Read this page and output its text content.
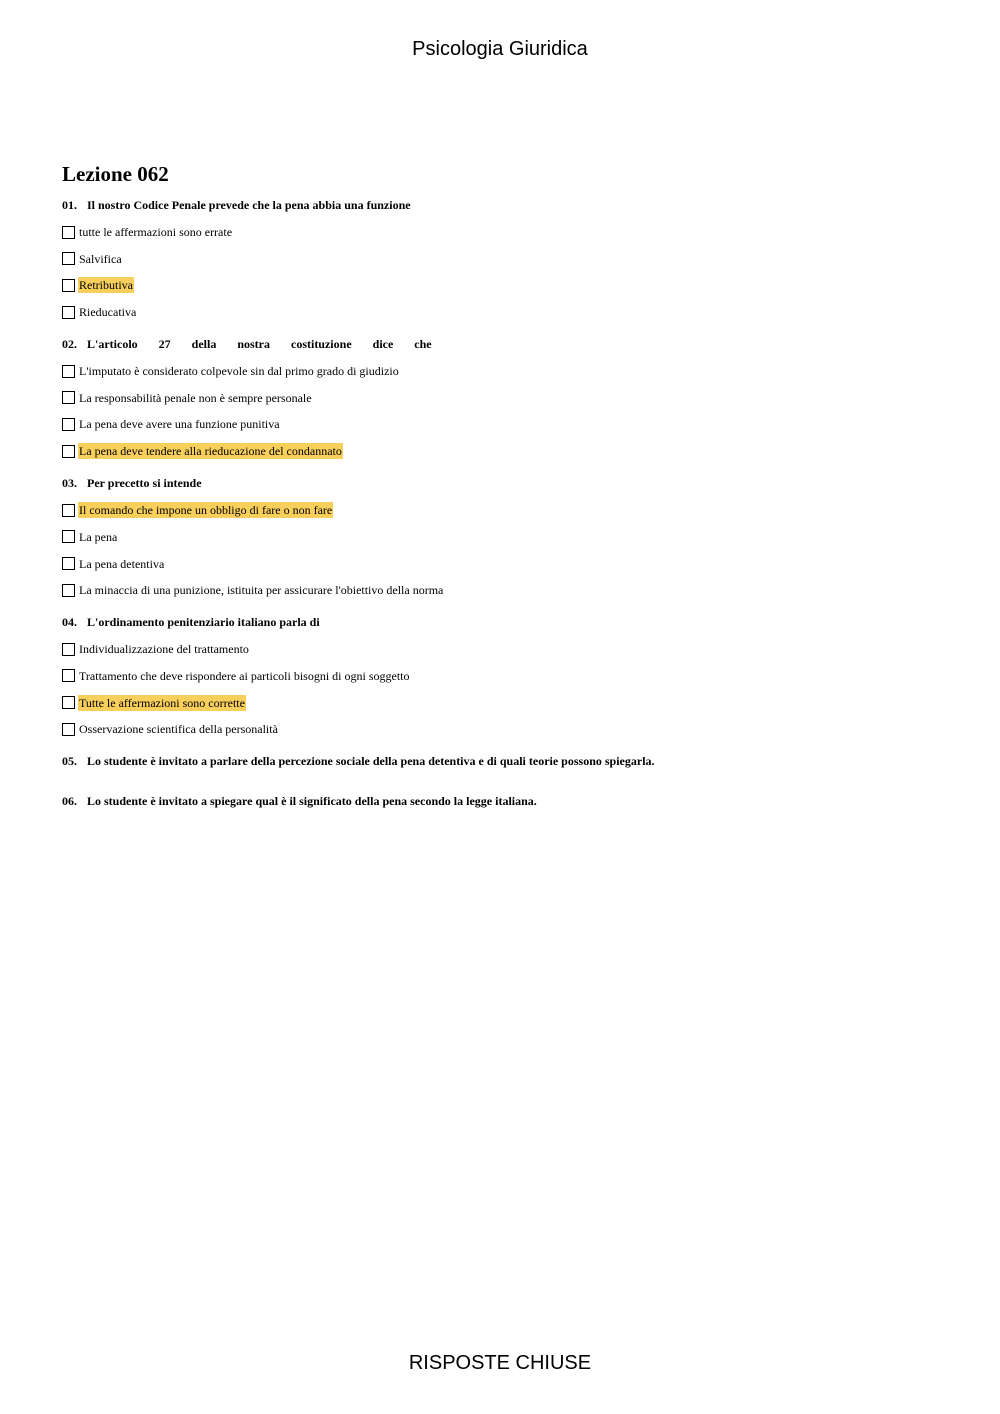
Psicologia Giuridica
Lezione 062
01. Il nostro Codice Penale prevede che la pena abbia una funzione
tutte le affermazioni sono errate
Salvifica
Retributiva
Rieducativa
02. L'articolo 27 della nostra costituzione dice che
L'imputato è considerato colpevole sin dal primo grado di giudizio
La responsabilità penale non è sempre personale
La pena deve avere una funzione punitiva
La pena deve tendere alla rieducazione del condannato
03. Per precetto si intende
Il comando che impone un obbligo di fare o non fare
La pena
La pena detentiva
La minaccia di una punizione, istituita per assicurare l'obiettivo della norma
04. L'ordinamento penitenziario italiano parla di
Individualizzazione del trattamento
Trattamento che deve rispondere ai particoli bisogni di ogni soggetto
Tutte le affermazioni sono corrette
Osservazione scientifica della personalità
05. Lo studente è invitato a parlare della percezione sociale della pena detentiva e di quali teorie possono spiegarla.
06. Lo studente è invitato a spiegare qual è il significato della pena secondo la legge italiana.
RISPOSTE CHIUSE
